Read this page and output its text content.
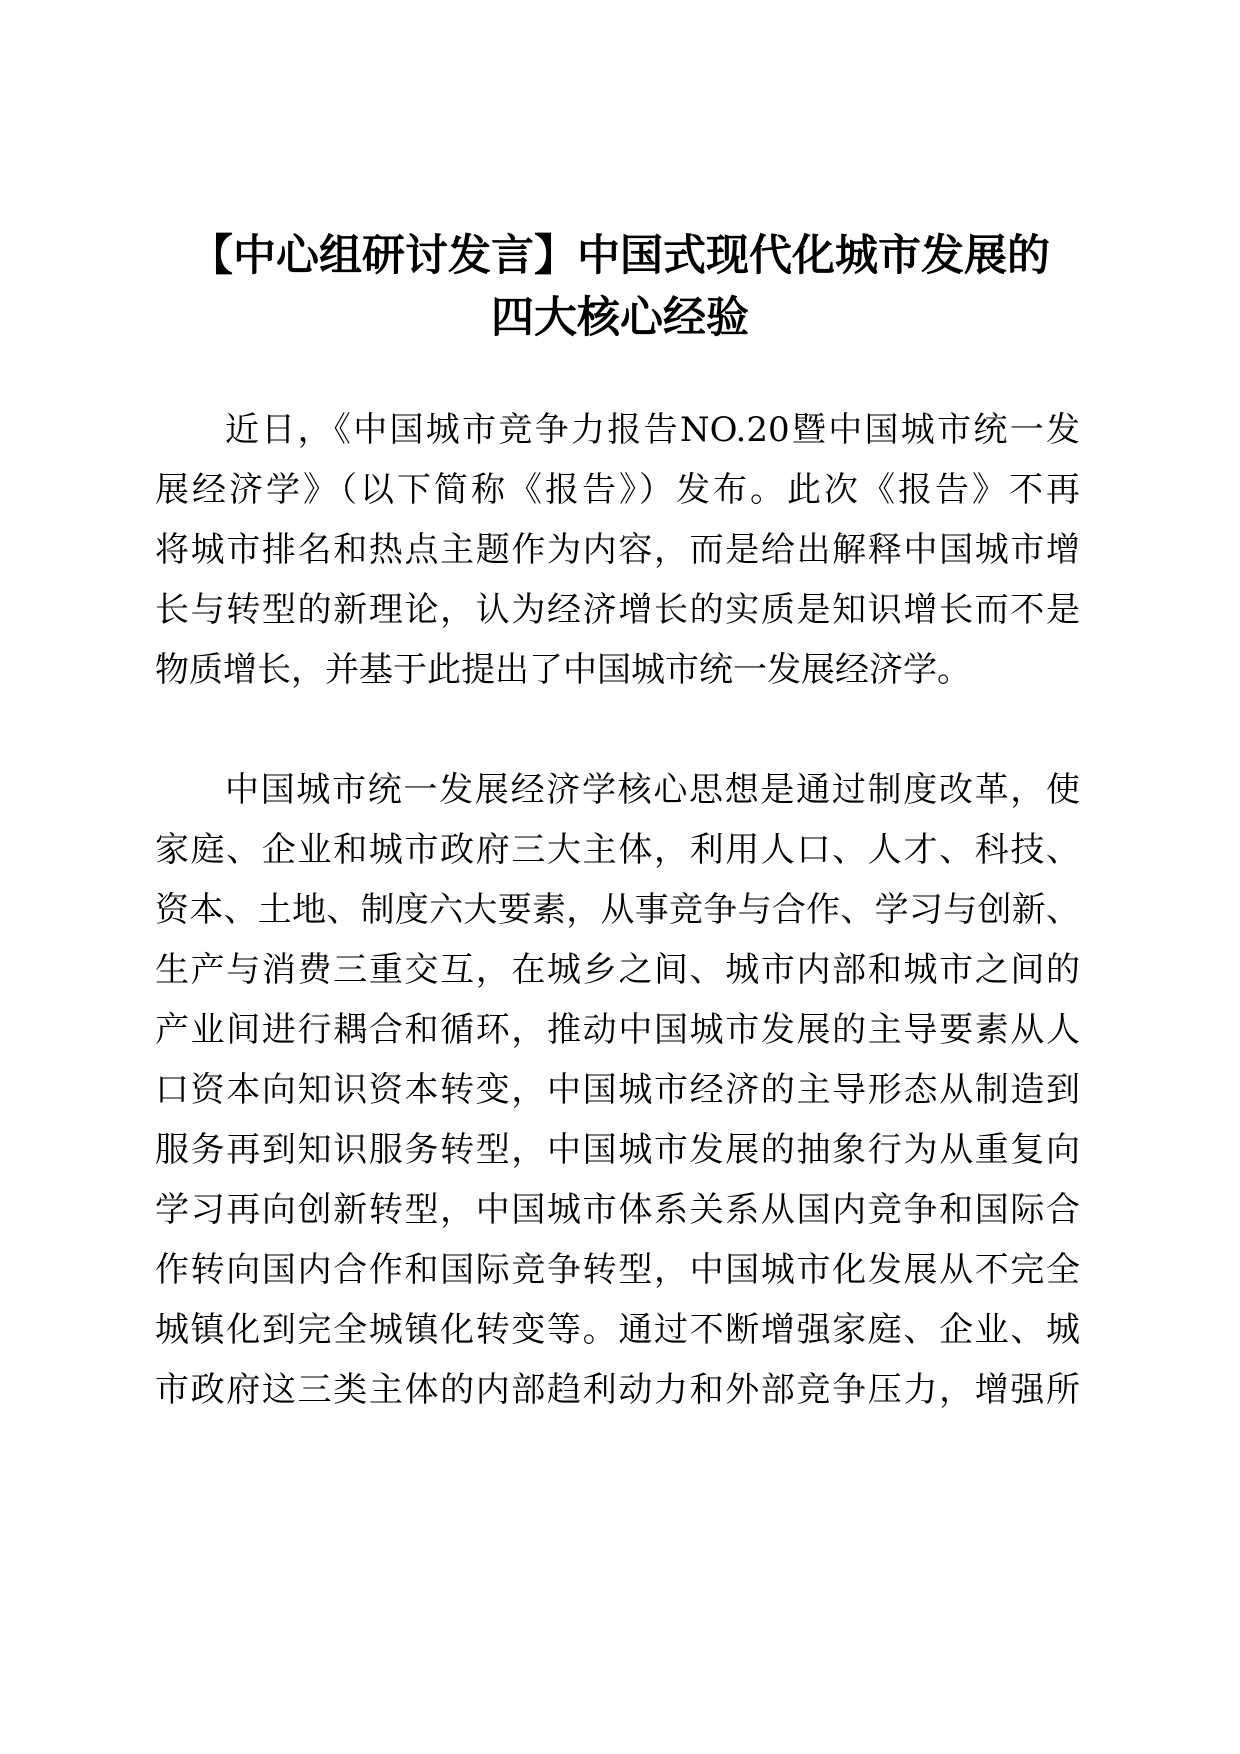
【中心组研讨发言】中国式现代化城市发展的
四大核心经验
近日，《中国城市竞争力报告NO.20暨中国城市统一发
展经济学》（以下简称《报告》）发布。此次《报告》不再
将城市排名和热点主题作为内容，而是给出解释中国城市增
长与转型的新理论，认为经济增长的实质是知识增长而不是
物质增长，并基于此提出了中国城市统一发展经济学。
中国城市统一发展经济学核心思想是通过制度改革，使
家庭、企业和城市政府三大主体，利用人口、人才、科技、
资本、土地、制度六大要素，从事竞争与合作、学习与创新、
生产与消费三重交互，在城乡之间、城市内部和城市之间的
产业间进行耦合和循环，推动中国城市发展的主导要素从人
口资本向知识资本转变，中国城市经济的主导形态从制造到
服务再到知识服务转型，中国城市发展的抽象行为从重复向
学习再向创新转型，中国城市体系关系从国内竞争和国际合
作转向国内合作和国际竞争转型，中国城市化发展从不完全
城镇化到完全城镇化转变等。通过不断增强家庭、企业、城
市政府这三类主体的内部趋利动力和外部竞争压力，增强所
